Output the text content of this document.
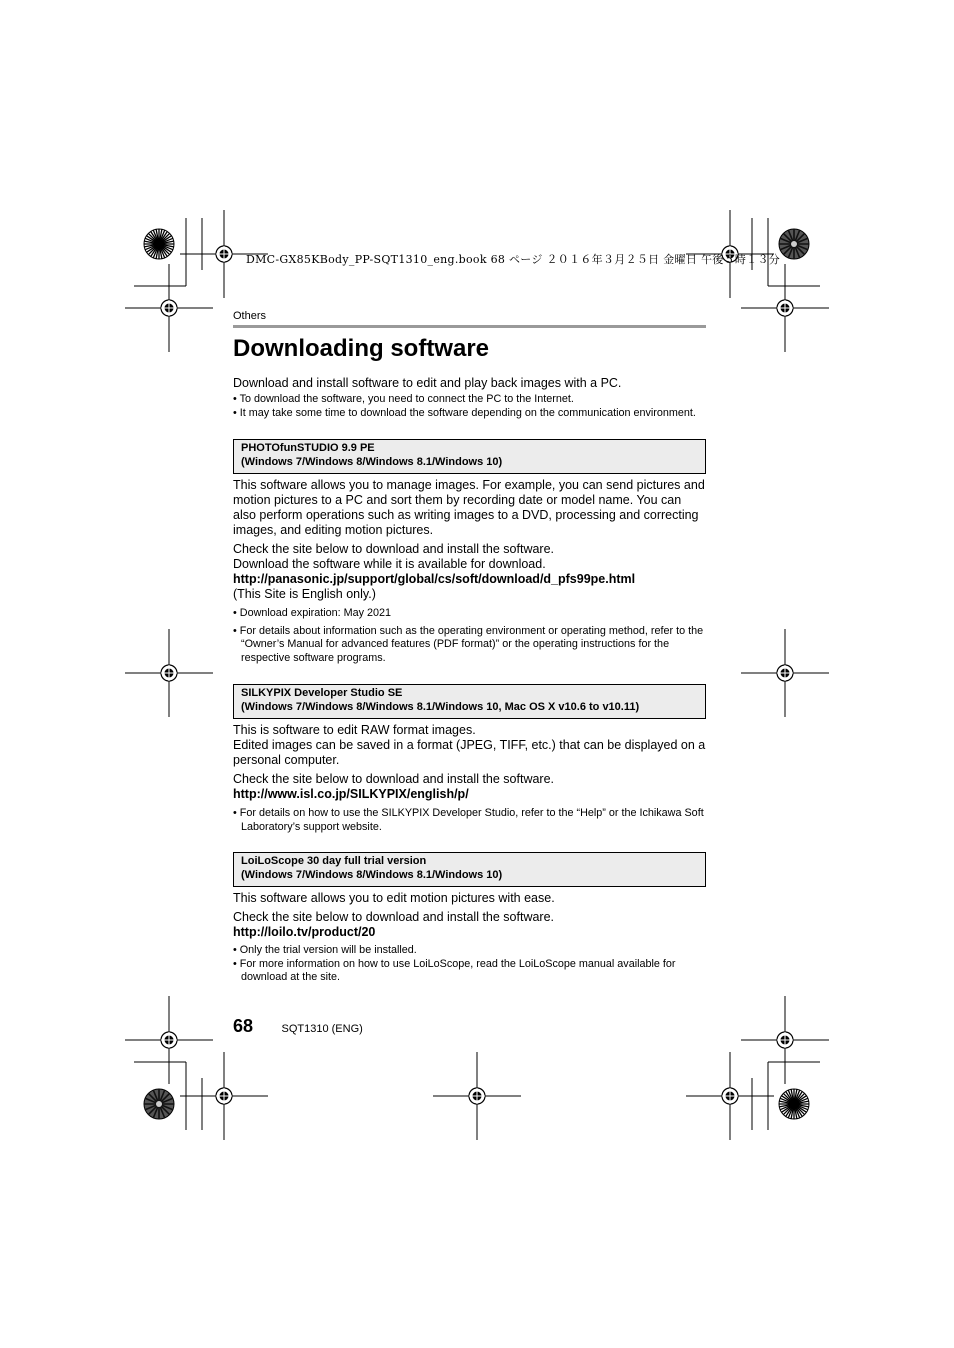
DMC-GX85KBody_PP-SQT1310_eng.book 68 ページ ２０１６年３月２５日 金曜日 午後５時１３分

Others

Downloading software

Download and install software to edit and play back images with a PC.

• To download the software, you need to connect the PC to the Internet.
• It may take some time to download the software depending on the communication environment.
PHOTOfunSTUDIO 9.9 PE
(Windows 7/Windows 8/Windows 8.1/Windows 10)

This software allows you to manage images. For example, you can send pictures and motion pictures to a PC and sort them by recording date or model name. You can also perform operations such as writing images to a DVD, processing and correcting images, and editing motion pictures.

Check the site below to download and install the software.

Download the software while it is available for download.

http://panasonic.jp/support/global/cs/soft/download/d_pfs99pe.html

(This Site is English only.)

• Download expiration: May 2021
• For details about information such as the operating environment or operating method, refer to the “Owner’s Manual for advanced features (PDF format)” or the operating instructions for the respective software programs.
SILKYPIX Developer Studio SE
(Windows 7/Windows 8/Windows 8.1/Windows 10, Mac OS X v10.6 to v10.11)

This is software to edit RAW format images.

Edited images can be saved in a format (JPEG, TIFF, etc.) that can be displayed on a personal computer.

Check the site below to download and install the software.

http://www.isl.co.jp/SILKYPIX/english/p/

• For details on how to use the SILKYPIX Developer Studio, refer to the “Help” or the Ichikawa Soft Laboratory’s support website.
LoiLoScope 30 day full trial version
(Windows 7/Windows 8/Windows 8.1/Windows 10)

This software allows you to edit motion pictures with ease.

Check the site below to download and install the software.

http://loilo.tv/product/20

• Only the trial version will be installed.
• For more information on how to use LoiLoScope, read the LoiLoScope manual available for download at the site.
68	SQT1310 (ENG)
